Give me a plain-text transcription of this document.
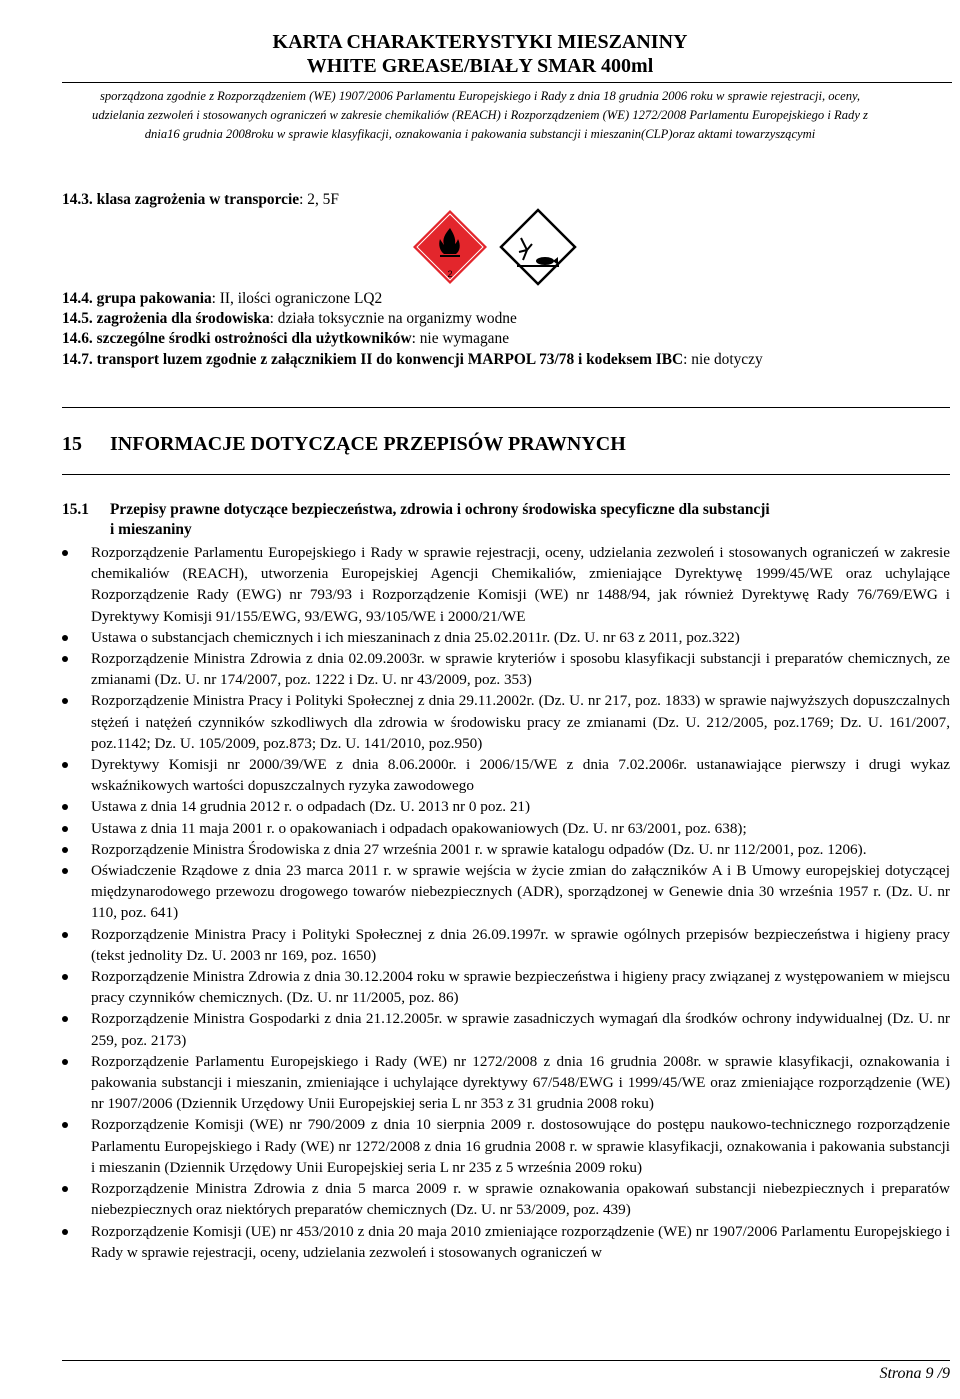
KARTA CHARAKTERYSTYKI MIESZANINY
WHITE GREASE/BIAŁY SMAR 400ml
sporządzona zgodnie z Rozporządzeniem (WE) 1907/2006 Parlamentu Europejskiego i Rady z dnia 18 grudnia 2006 roku w sprawie rejestracji, oceny,
udzielania zezwoleń i stosowanych ograniczeń w zakresie chemikaliów (REACH) i Rozporządzeniem (WE) 1272/2008 Parlamentu Europejskiego i Rady z
dnia16 grudnia 2008roku w sprawie klasyfikacji, oznakowania i pakowania substancji i mieszanin(CLP)oraz aktami towarzyszącymi
14.3. klasa zagrożenia w transporcie: 2, 5F
2
14.4. grupa pakowania: II, ilości ograniczone LQ2
14.5. zagrożenia dla środowiska: działa toksycznie na organizmy wodne
14.6. szczególne środki ostrożności dla użytkowników: nie wymagane
14.7. transport luzem zgodnie z załącznikiem II do konwencji MARPOL 73/78 i kodeksem IBC: nie dotyczy
15 INFORMACJE DOTYCZĄCE PRZEPISÓW PRAWNYCH
15.1 Przepisy prawne dotyczące bezpieczeństwa, zdrowia i ochrony środowiska specyficzne dla substancji
i mieszaniny
Rozporządzenie Parlamentu Europejskiego i Rady w sprawie rejestracji, oceny, udzielania zezwoleń i stosowanych ograniczeń w zakresie chemikaliów (REACH), utworzenia Europejskiej Agencji Chemikaliów, zmieniające Dyrektywę 1999/45/WE oraz uchylające Rozporządzenie Rady (EWG) nr 793/93 i Rozporządzenie Komisji (WE) nr 1488/94, jak również Dyrektywę Rady 76/769/EWG i Dyrektywy Komisji 91/155/EWG, 93/EWG, 93/105/WE i 2000/21/WE
Ustawa o substancjach chemicznych i ich mieszaninach z dnia 25.02.2011r. (Dz. U. nr 63 z 2011, poz.322)
Rozporządzenie Ministra Zdrowia z dnia 02.09.2003r. w sprawie kryteriów i sposobu klasyfikacji substancji i preparatów chemicznych, ze zmianami (Dz. U. nr 174/2007, poz. 1222 i Dz. U. nr 43/2009, poz. 353)
Rozporządzenie Ministra Pracy i Polityki Społecznej z dnia 29.11.2002r. (Dz. U. nr 217, poz. 1833) w sprawie najwyższych dopuszczalnych stężeń i natężeń czynników szkodliwych dla zdrowia w środowisku pracy ze zmianami (Dz. U. 212/2005, poz.1769; Dz. U. 161/2007, poz.1142; Dz. U. 105/2009, poz.873; Dz. U. 141/2010, poz.950)
Dyrektywy Komisji nr 2000/39/WE z dnia 8.06.2000r. i 2006/15/WE z dnia 7.02.2006r. ustanawiające pierwszy i drugi wykaz wskaźnikowych wartości dopuszczalnych ryzyka zawodowego
Ustawa z dnia 14 grudnia 2012 r. o odpadach (Dz. U. 2013 nr 0 poz. 21)
Ustawa z dnia 11 maja 2001 r. o opakowaniach i odpadach opakowaniowych (Dz. U. nr 63/2001, poz. 638);
Rozporządzenie Ministra Środowiska z dnia 27 września 2001 r. w sprawie katalogu odpadów (Dz. U. nr 112/2001, poz. 1206).
Oświadczenie Rządowe z dnia 23 marca 2011 r. w sprawie wejścia w życie zmian do załączników A i B Umowy europejskiej dotyczącej międzynarodowego przewozu drogowego towarów niebezpiecznych (ADR), sporządzonej w Genewie dnia 30 września 1957 r. (Dz. U. nr 110, poz. 641)
Rozporządzenie Ministra Pracy i Polityki Społecznej z dnia 26.09.1997r. w sprawie ogólnych przepisów bezpieczeństwa i higieny pracy (tekst jednolity Dz. U. 2003 nr 169, poz. 1650)
Rozporządzenie Ministra Zdrowia z dnia 30.12.2004 roku w sprawie bezpieczeństwa i higieny pracy związanej z występowaniem w miejscu pracy czynników chemicznych. (Dz. U. nr 11/2005, poz. 86)
Rozporządzenie Ministra Gospodarki z dnia 21.12.2005r. w sprawie zasadniczych wymagań dla środków ochrony indywidualnej (Dz. U. nr 259, poz. 2173)
Rozporządzenie Parlamentu Europejskiego i Rady (WE) nr 1272/2008 z dnia 16 grudnia 2008r. w sprawie klasyfikacji, oznakowania i pakowania substancji i mieszanin, zmieniające i uchylające dyrektywy 67/548/EWG i 1999/45/WE oraz zmieniające rozporządzenie (WE) nr 1907/2006 (Dziennik Urzędowy Unii Europejskiej seria L nr 353 z 31 grudnia 2008 roku)
Rozporządzenie Komisji (WE) nr 790/2009 z dnia 10 sierpnia 2009 r. dostosowujące do postępu naukowo-technicznego rozporządzenie Parlamentu Europejskiego i Rady (WE) nr 1272/2008 z dnia 16 grudnia 2008 r. w sprawie klasyfikacji, oznakowania i pakowania substancji i mieszanin (Dziennik Urzędowy Unii Europejskiej seria L nr 235 z 5 września 2009 roku)
Rozporządzenie Ministra Zdrowia z dnia 5 marca 2009 r. w sprawie oznakowania opakowań substancji niebezpiecznych i preparatów niebezpiecznych oraz niektórych preparatów chemicznych (Dz. U. nr 53/2009, poz. 439)
Rozporządzenie Komisji (UE) nr 453/2010 z dnia 20 maja 2010 zmieniające rozporządzenie (WE) nr 1907/2006 Parlamentu Europejskiego i Rady w sprawie rejestracji, oceny, udzielania zezwoleń i stosowanych ograniczeń w
Strona 9 /9
